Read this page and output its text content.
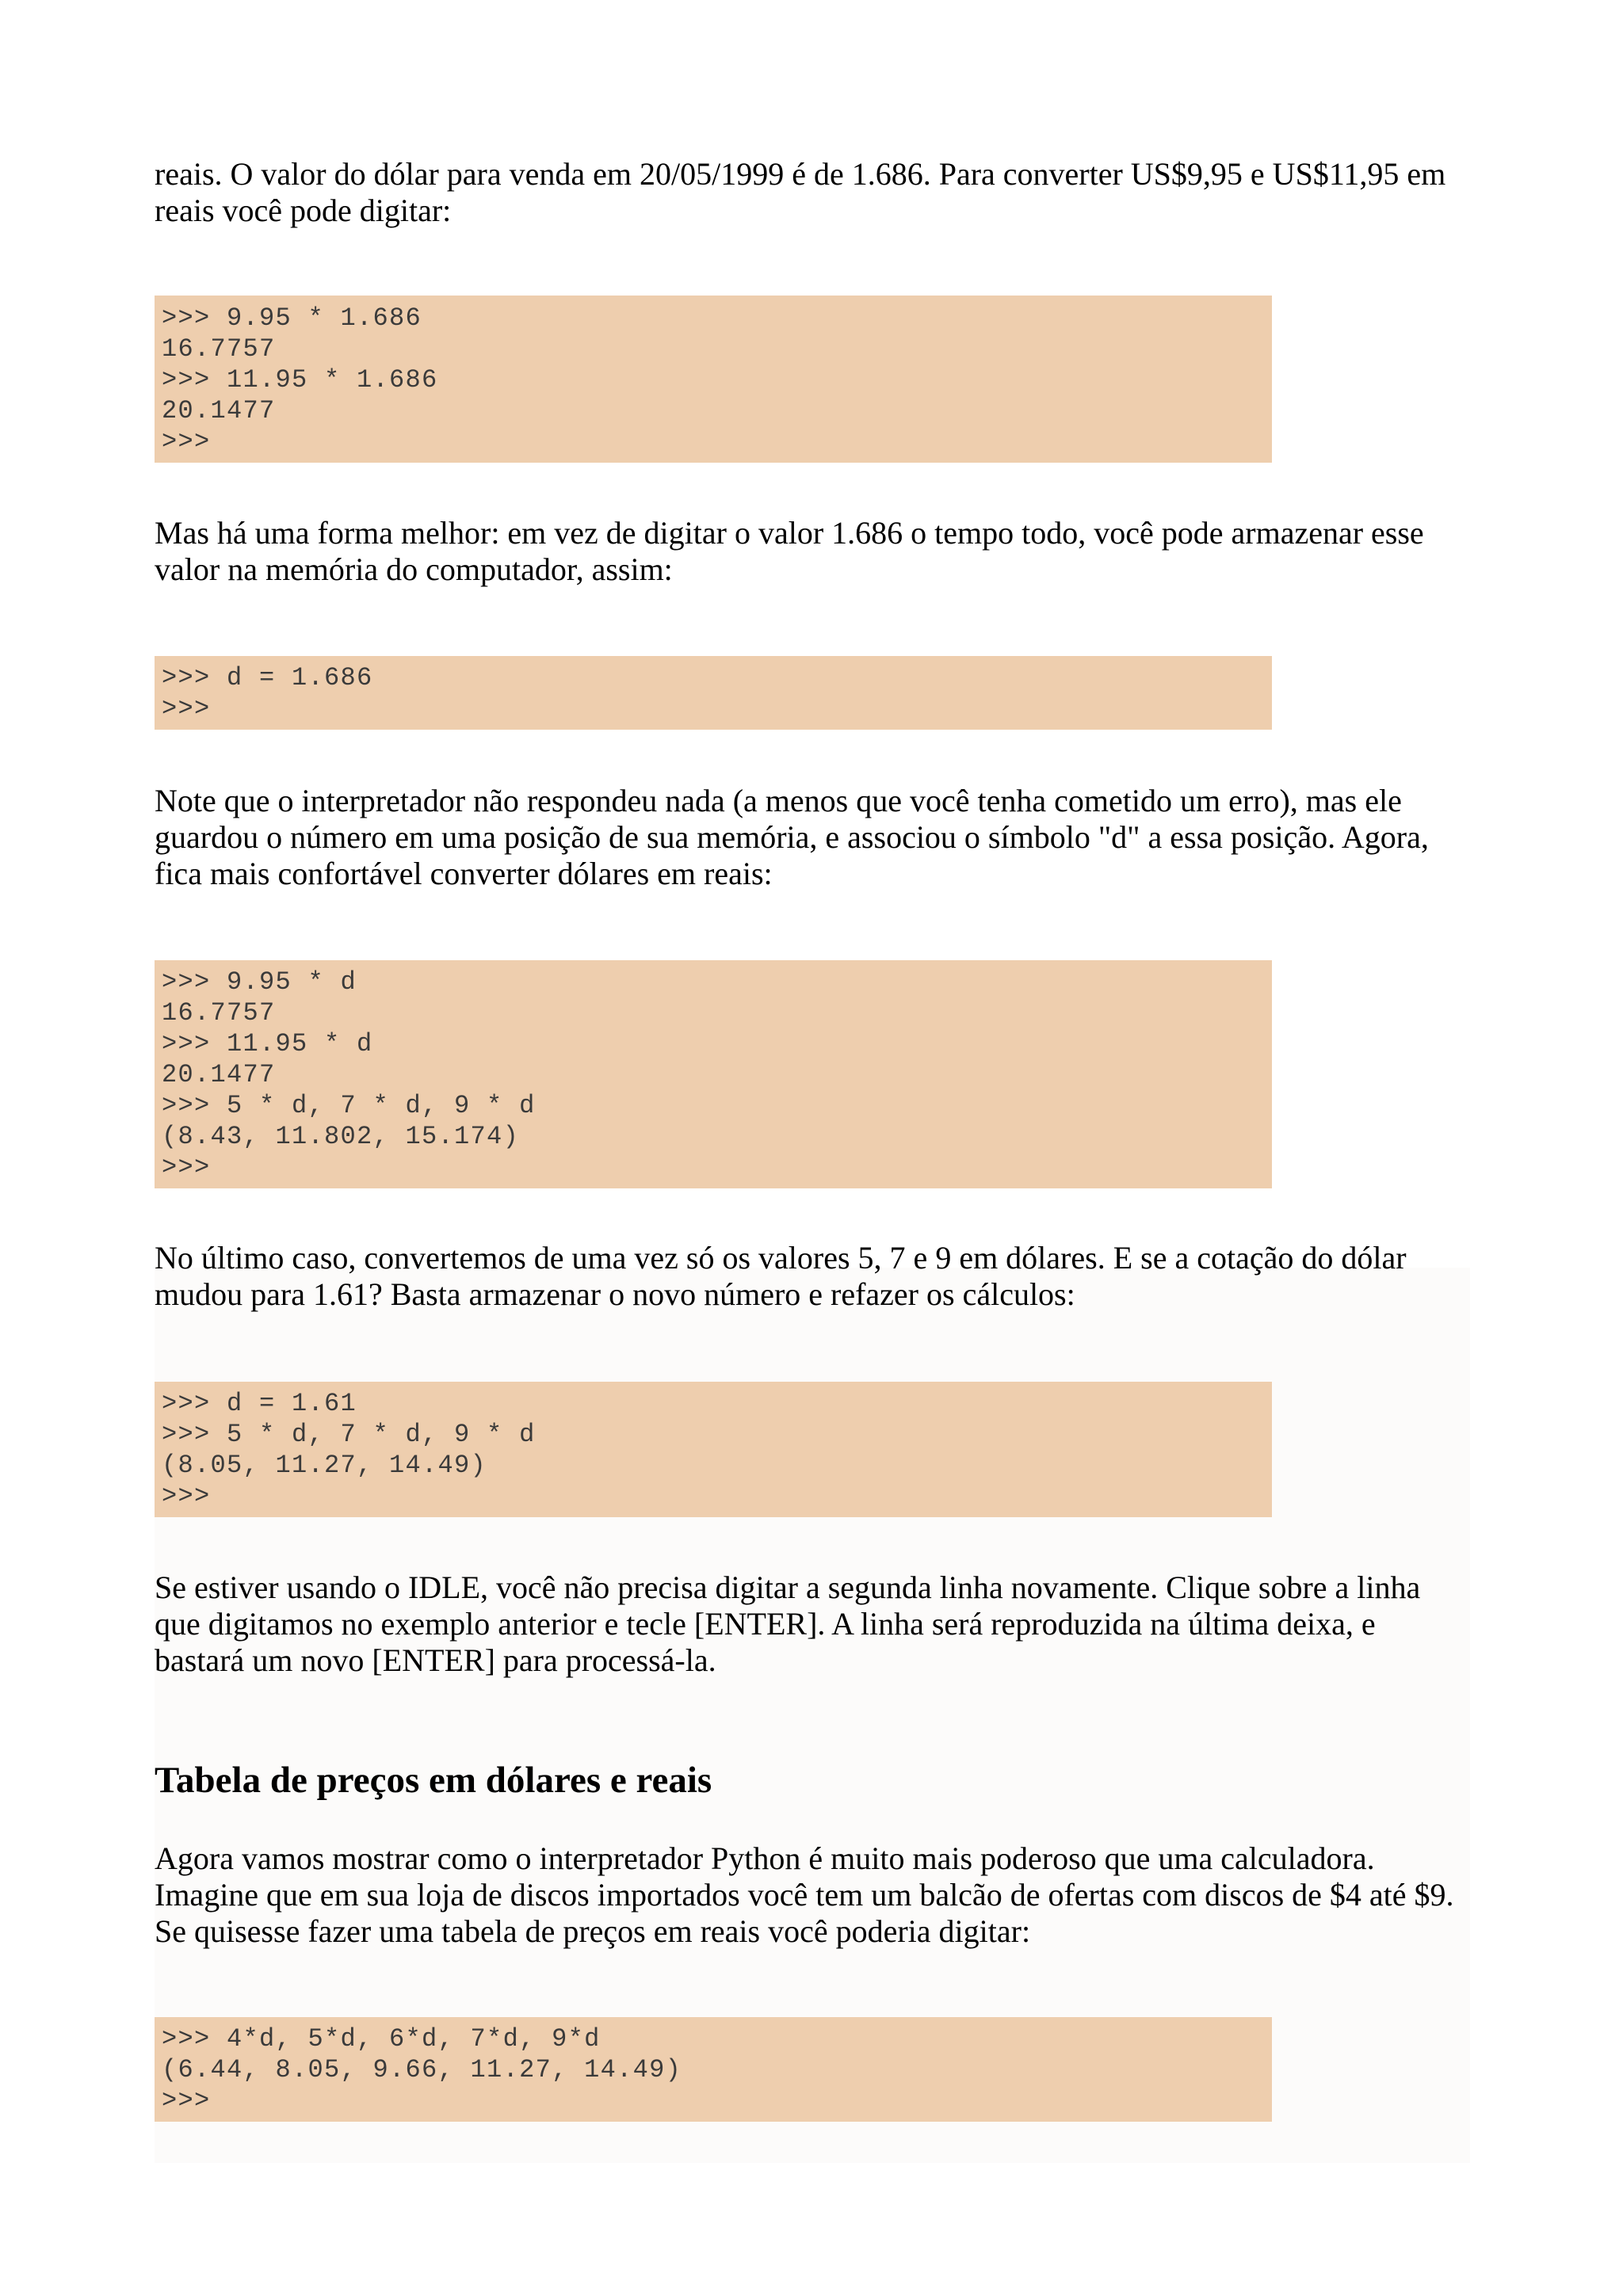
reais. O valor do dólar para venda em 20/05/1999 é de 1.686. Para converter US$9,95 e US$11,95 em
reais você pode digitar:

>>> 9.95 * 1.686
16.7757
>>> 11.95 * 1.686
20.1477
>>>

Mas há uma forma melhor: em vez de digitar o valor 1.686 o tempo todo, você pode armazenar esse
valor na memória do computador, assim:

>>> d = 1.686
>>>

Note que o interpretador não respondeu nada (a menos que você tenha cometido um erro), mas ele
guardou o número em uma posição de sua memória, e associou o símbolo "d" a essa posição. Agora,
fica mais confortável converter dólares em reais:

>>> 9.95 * d
16.7757
>>> 11.95 * d
20.1477
>>> 5 * d, 7 * d, 9 * d
(8.43, 11.802, 15.174)
>>>

No último caso, convertemos de uma vez só os valores 5, 7 e 9 em dólares. E se a cotação do dólar
mudou para 1.61? Basta armazenar o novo número e refazer os cálculos:

>>> d = 1.61
>>> 5 * d, 7 * d, 9 * d
(8.05, 11.27, 14.49)
>>>

Se estiver usando o IDLE, você não precisa digitar a segunda linha novamente. Clique sobre a linha
que digitamos no exemplo anterior e tecle [ENTER]. A linha será reproduzida na última deixa, e
bastará um novo [ENTER] para processá-la.

Tabela de preços em dólares e reais

Agora vamos mostrar como o interpretador Python é muito mais poderoso que uma calculadora.
Imagine que em sua loja de discos importados você tem um balcão de ofertas com discos de $4 até $9.
Se quisesse fazer uma tabela de preços em reais você poderia digitar:

>>> 4*d, 5*d, 6*d, 7*d, 9*d
(6.44, 8.05, 9.66, 11.27, 14.49)
>>>
